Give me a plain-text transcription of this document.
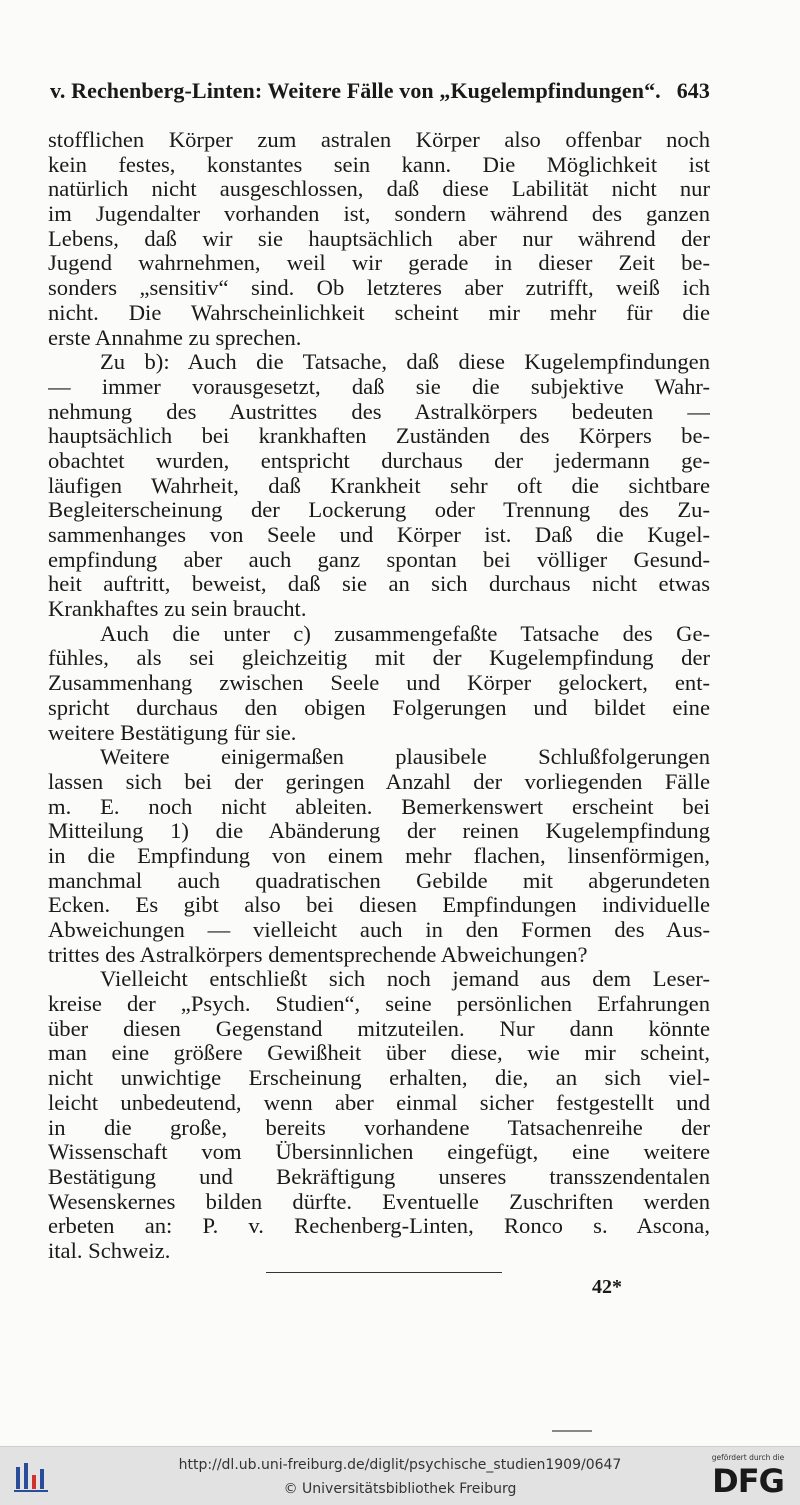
v. Rechenberg-Linten: Weitere Fälle von „Kugelempfindungen“. 643
stofflichen Körper zum astralen Körper also offenbar noch
kein festes, konstantes sein kann. Die Möglichkeit ist
natürlich nicht ausgeschlossen, daß diese Labilität nicht nur
im Jugendalter vorhanden ist, sondern während des ganzen
Lebens, daß wir sie hauptsächlich aber nur während der
Jugend wahrnehmen, weil wir gerade in dieser Zeit be-
sonders „sensitiv“ sind. Ob letzteres aber zutrifft, weiß ich
nicht. Die Wahrscheinlichkeit scheint mir mehr für die
erste Annahme zu sprechen.
Zu b): Auch die Tatsache, daß diese Kugelempfindungen
— immer vorausgesetzt, daß sie die subjektive Wahr-
nehmung des Austrittes des Astralkörpers bedeuten —
hauptsächlich bei krankhaften Zuständen des Körpers be-
obachtet wurden, entspricht durchaus der jedermann ge-
läufigen Wahrheit, daß Krankheit sehr oft die sichtbare
Begleiterscheinung der Lockerung oder Trennung des Zu-
sammenhanges von Seele und Körper ist. Daß die Kugel-
empfindung aber auch ganz spontan bei völliger Gesund-
heit auftritt, beweist, daß sie an sich durchaus nicht etwas
Krankhaftes zu sein braucht.
Auch die unter c) zusammengefaßte Tatsache des Ge-
fühles, als sei gleichzeitig mit der Kugelempfindung der
Zusammenhang zwischen Seele und Körper gelockert, ent-
spricht durchaus den obigen Folgerungen und bildet eine
weitere Bestätigung für sie.
Weitere einigermaßen plausibele Schlußfolgerungen
lassen sich bei der geringen Anzahl der vorliegenden Fälle
m. E. noch nicht ableiten. Bemerkenswert erscheint bei
Mitteilung 1) die Abänderung der reinen Kugelempfindung
in die Empfindung von einem mehr flachen, linsenförmigen,
manchmal auch quadratischen Gebilde mit abgerundeten
Ecken. Es gibt also bei diesen Empfindungen individuelle
Abweichungen — vielleicht auch in den Formen des Aus-
trittes des Astralkörpers dementsprechende Abweichungen?
Vielleicht entschließt sich noch jemand aus dem Leser-
kreise der „Psych. Studien“, seine persönlichen Erfahrungen
über diesen Gegenstand mitzuteilen. Nur dann könnte
man eine größere Gewißheit über diese, wie mir scheint,
nicht unwichtige Erscheinung erhalten, die, an sich viel-
leicht unbedeutend, wenn aber einmal sicher festgestellt und
in die große, bereits vorhandene Tatsachenreihe der
Wissenschaft vom Übersinnlichen eingefügt, eine weitere
Bestätigung und Bekräftigung unseres transszendentalen
Wesenskernes bilden dürfte. Eventuelle Zuschriften werden
erbeten an: P. v. Rechenberg-Linten, Ronco s. Ascona,
ital. Schweiz.
42*
http://dl.ub.uni-freiburg.de/diglit/psychische_studien1909/0647
© Universitätsbibliothek Freiburg
gefördert durch die
DFG
